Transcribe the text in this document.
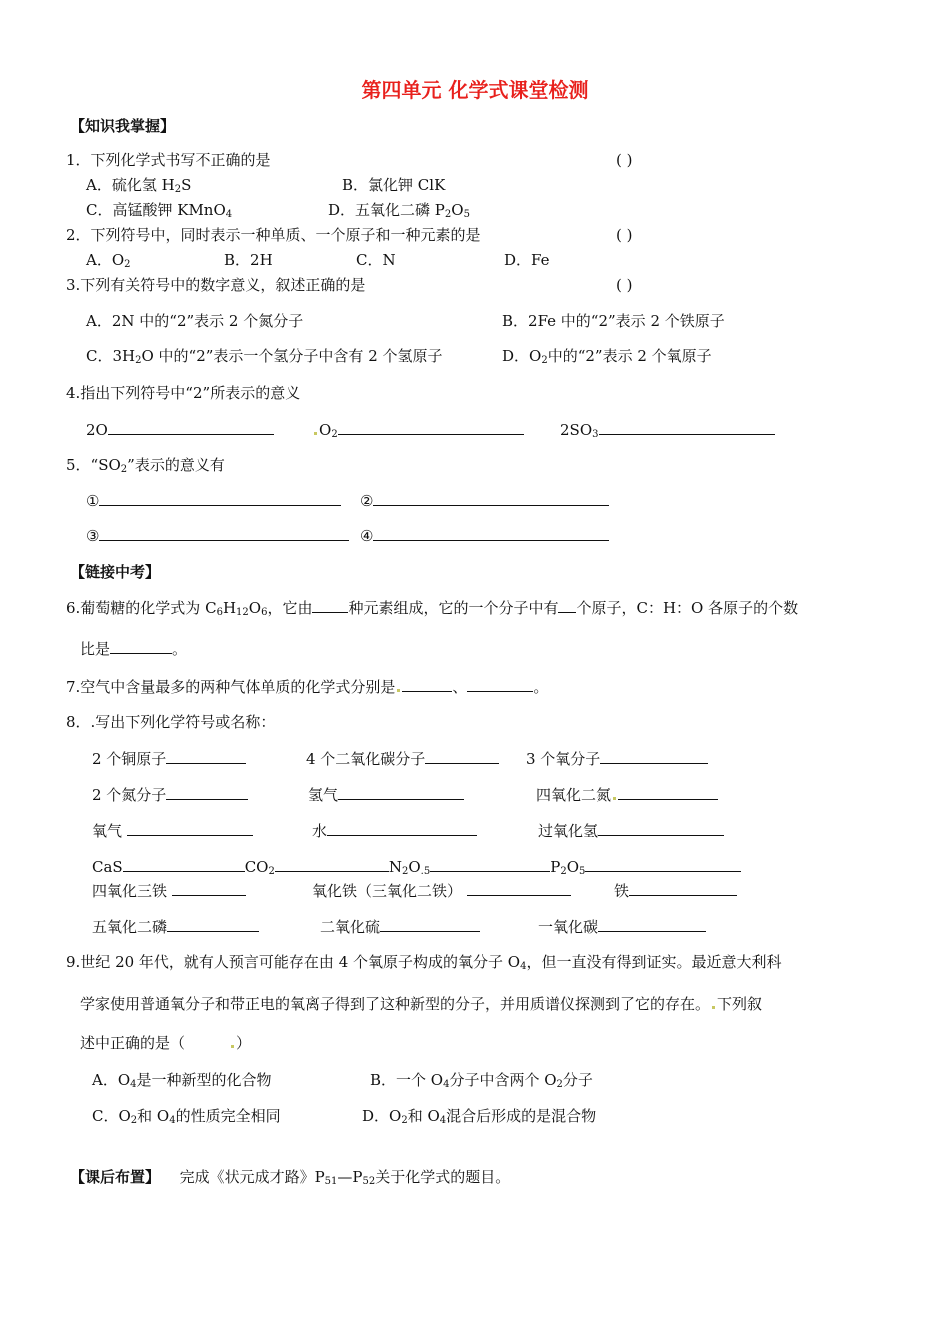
第四单元 化学式课堂检测
【知识我掌握】
1．下列化学式书写不正确的是	( )
A．硫化氢 $H_2S$	B．氯化钾 ClK
C．高锰酸钾 KMnO$_4$	D．五氧化二磷 $P_2O_5$
2．下列符号中，同时表示一种单质、一个原子和一种元素的是	( )
A．$O_2$	B．2H	C．N	D．Fe
3.下列有关符号中的数字意义，叙述正确的是	( )
A．2N 中的“2”表示 2 个氮分子	B．2Fe 中的“2”表示 2 个铁原子
C．$3H_2O$ 中的“2”表示一个氢分子中含有 2 个氢原子	D．$O_2$中的“2”表示 2 个氧原子
4.指出下列符号中“2”所表示的意义
2O	$O_2$	$2SO_3$
5．“$SO_2$”表示的意义有
①	②
③	④
【链接中考】
6.葡萄糖的化学式为 $C_6H_{12}O_6$，它由 种元素组成，它的一个分子中有 个原子，C：H：O 各原子的个数
比是	。
7.空气中含量最多的两种气体单质的化学式分别是	、	。
8．.写出下列化学符号或名称：
2 个铜原子	4 个二氧化碳分子	3 个氧分子
2 个氮分子	氢气	四氧化二氮
氧气	水	过氧化氢
CaS	$CO_2$	$N_2O_{.5}$	$P_2O_5$
四氧化三铁	氧化铁（三氧化二铁）	铁
五氧化二磷	二氧化硫	一氧化碳
9.世纪 20 年代，就有人预言可能存在由 4 个氧原子构成的氧分子 $O_4$，但一直没有得到证实。最近意大利科
学家使用普通氧分子和带正电的氧离子得到了这种新型的分子，并用质谱仪探测到了它的存在。 下列叙
述中正确的是（	）
A．$O_4$是一种新型的化合物	B．一个 $O_4$分子中含两个 $O_2$分子
C．$O_2$和 $O_4$的性质完全相同	D．$O_2$和 $O_4$混合后形成的是混合物
【课后布置】 完成《状元成才路》$P_{51}—P_{52}$关于化学式的题目。
